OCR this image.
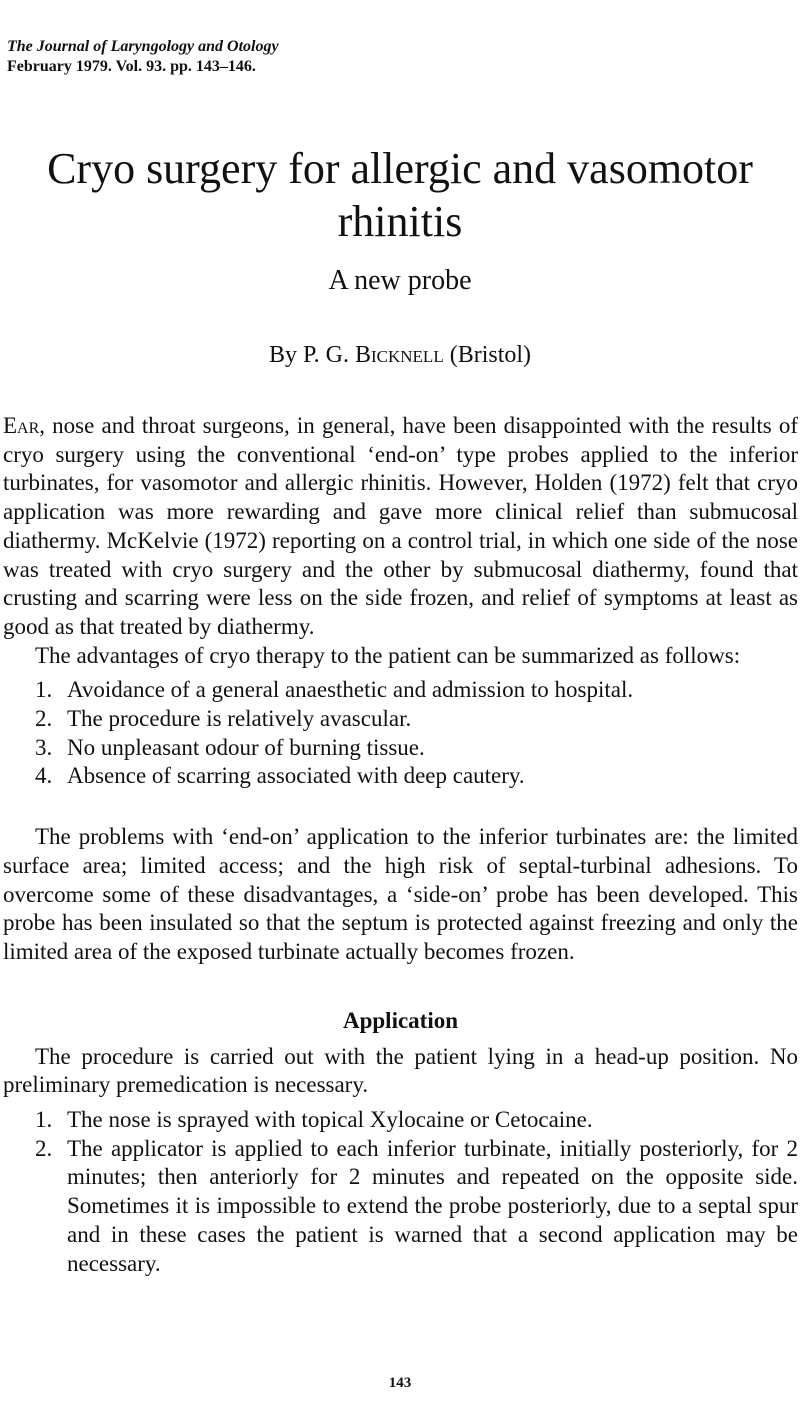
The Journal of Laryngology and Otology
February 1979. Vol. 93. pp. 143–146.
Cryo surgery for allergic and vasomotor rhinitis
A new probe
By P. G. Bicknell (Bristol)

Ear, nose and throat surgeons, in general, have been disappointed with the results of cryo surgery using the conventional ‘end-on’ type probes applied to the inferior turbinates, for vasomotor and allergic rhinitis. However, Holden (1972) felt that cryo application was more rewarding and gave more clinical relief than submucosal diathermy. McKelvie (1972) reporting on a control trial, in which one side of the nose was treated with cryo surgery and the other by submucosal diathermy, found that crusting and scarring were less on the side frozen, and relief of symptoms at least as good as that treated by diathermy.

The advantages of cryo therapy to the patient can be summarized as follows:

1. Avoidance of a general anaesthetic and admission to hospital.
2. The procedure is relatively avascular.
3. No unpleasant odour of burning tissue.
4. Absence of scarring associated with deep cautery.

The problems with ‘end-on’ application to the inferior turbinates are: the limited surface area; limited access; and the high risk of septal-turbinal adhesions. To overcome some of these disadvantages, a ‘side-on’ probe has been developed. This probe has been insulated so that the septum is protected against freezing and only the limited area of the exposed turbinate actually becomes frozen.

Application

The procedure is carried out with the patient lying in a head-up position. No preliminary premedication is necessary.

1. The nose is sprayed with topical Xylocaine or Cetocaine.
2. The applicator is applied to each inferior turbinate, initially posteriorly, for 2 minutes; then anteriorly for 2 minutes and repeated on the opposite side. Sometimes it is impossible to extend the probe posteriorly, due to a septal spur and in these cases the patient is warned that a second application may be necessary.
143
